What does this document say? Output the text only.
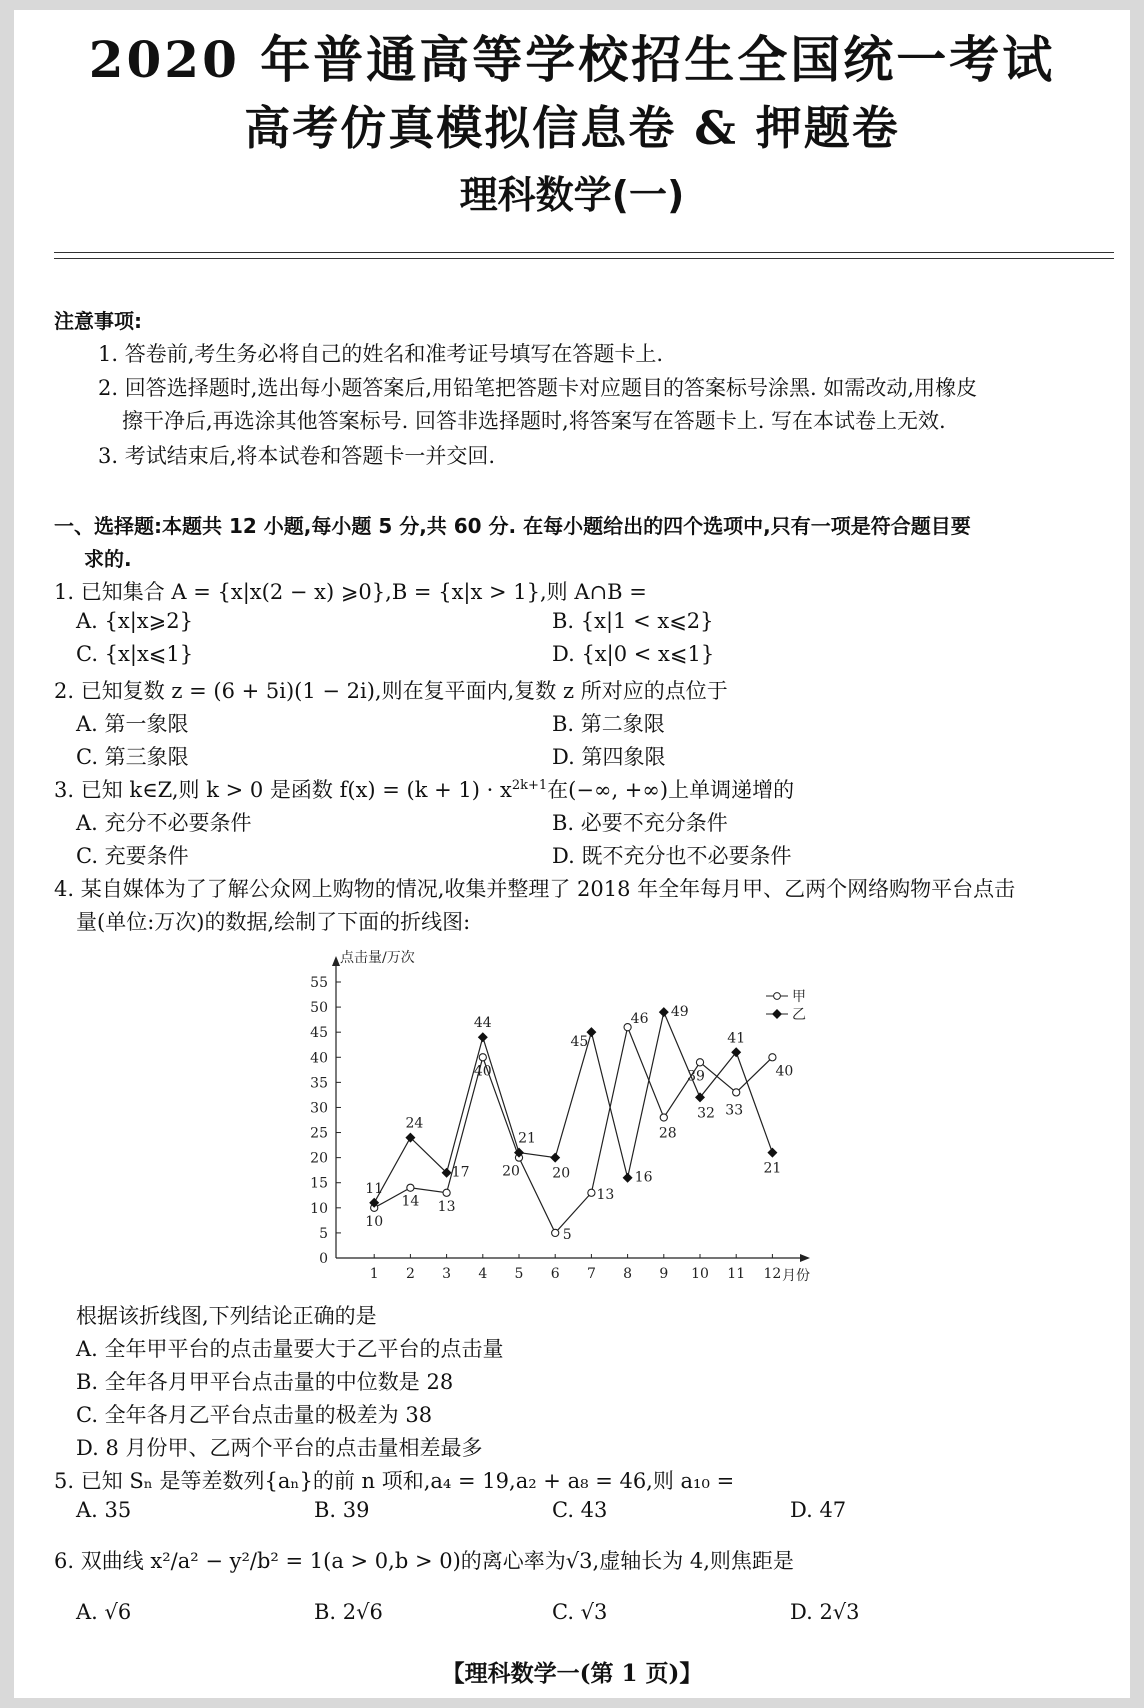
2020 年普通高等学校招生全国统一考试
高考仿真模拟信息卷 & 押题卷
理科数学(一)
注意事项:
1. 答卷前,考生务必将自己的姓名和准考证号填写在答题卡上.
2. 回答选择题时,选出每小题答案后,用铅笔把答题卡对应题目的答案标号涂黑. 如需改动,用橡皮
擦干净后,再选涂其他答案标号. 回答非选择题时,将答案写在答题卡上. 写在本试卷上无效.
3. 考试结束后,将本试卷和答题卡一并交回.
一、选择题:本题共 12 小题,每小题 5 分,共 60 分. 在每小题给出的四个选项中,只有一项是符合题目要
求的.
1. 已知集合 A = {x|x(2 − x) ⩾0},B = {x|x > 1},则 A∩B =
A. {x|x⩾2}	B. {x|1 < x⩽2}
C. {x|x⩽1}	D. {x|0 < x⩽1}
2. 已知复数 z = (6 + 5i)(1 − 2i),则在复平面内,复数 z 所对应的点位于
A. 第一象限	B. 第二象限
C. 第三象限	D. 第四象限
3. 已知 k∈Z,则 k > 0 是函数 $f(x) = (k + 1) \cdot x^{2k+1}$在(−∞, +∞)上单调递增的
A. 充分不必要条件	B. 必要不充分条件
C. 充要条件	D. 既不充分也不必要条件
4. 某自媒体为了了解公众网上购物的情况,收集并整理了 2018 年全年每月甲、乙两个网络购物平台点击
量(单位:万次)的数据,绘制了下面的折线图:
0
5
10
15
20
25
30
35
40
45
50
55
点击量/万次
1 2 3 4 5 6 7 8 9 10 11 12 月份
10
14 13
40
20
5
13
46
28
39
33
40
11
24
17
44
21
20
45
16
49
32
41
21
甲
乙
根据该折线图,下列结论正确的是
A. 全年甲平台的点击量要大于乙平台的点击量
B. 全年各月甲平台点击量的中位数是 28
C. 全年各月乙平台点击量的极差为 38
D. 8 月份甲、乙两个平台的点击量相差最多
5. 已知 Sₙ 是等差数列{aₙ}的前 n 项和,a₄ = 19,a₂ + a₈ = 46,则 a₁₀ =
A. 35	B. 39	C. 43	D. 47
6. 双曲线 x²/a² − y²/b² = 1(a > 0,b > 0)的离心率为√3,虚轴长为 4,则焦距是
A. √6	B. 2√6	C. √3	D. 2√3
【理科数学一(第 1 页)】
